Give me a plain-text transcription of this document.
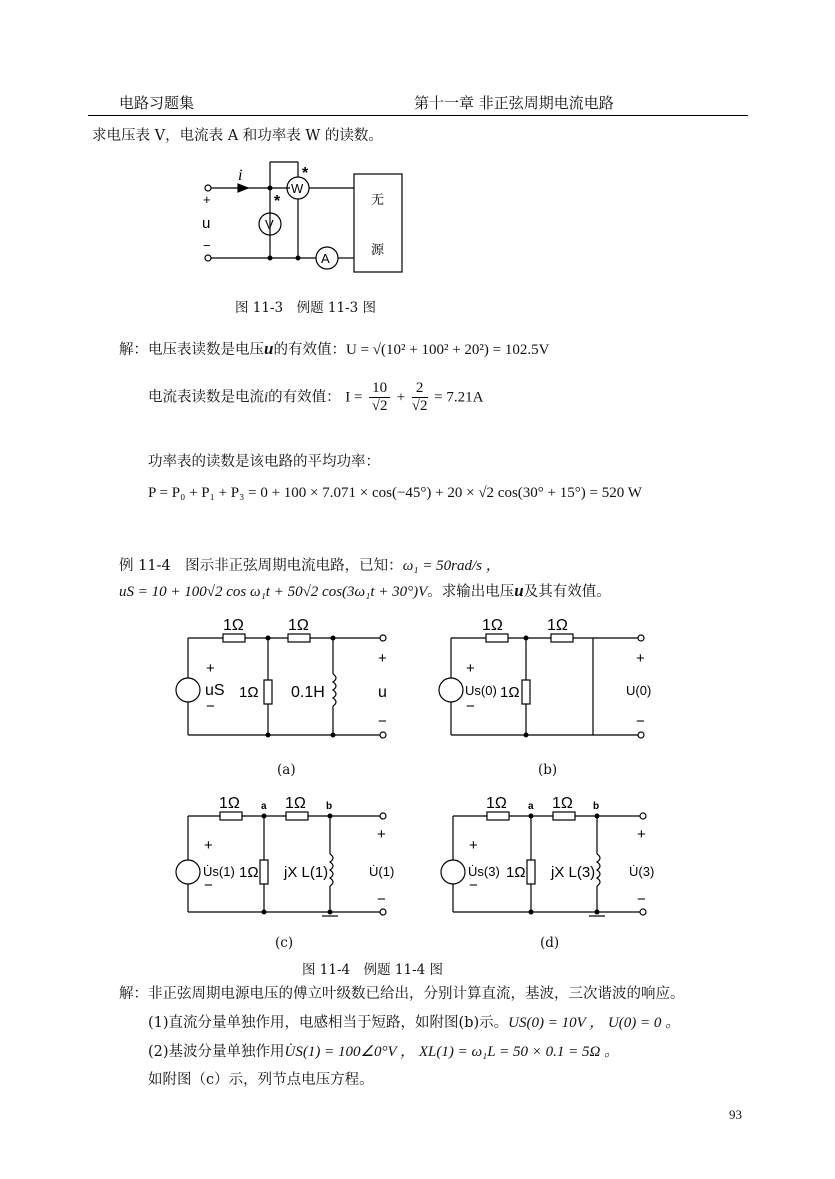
电路习题集	第十一章 非正弦周期电流电路
求电压表 V，电流表 A 和功率表 W 的读数。
i
+
u
−
V
W
A
*
*
无
源
图 11-3　例题 11-3 图
解：电压表读数是电压u的有效值：U = √(10² + 100² + 20²) = 102.5V
电流表读数是电流i的有效值： $I = \frac{10}{√2} + \frac{2}{√2} = 7.21A$
功率表的读数是该电路的平均功率：
P = P₀ + P₁ + P₃ = 0 + 100 × 7.071 × cos(−45°) + 20 × √2 cos(30° + 15°) = 520 W
例 11-4　图示非正弦周期电流电路，已知：ω₁ = 50rad/s ，
uS = 10 + 100√2 cos ω₁t + 50√2 cos(3ω₁t + 30°)V。求输出电压u及其有效值。
1Ω	1Ω
+
uS
−
1Ω 0.1H
+
u
−
(a)
1Ω	1Ω
+
Us(0)
−
1Ω
+
U(0)
−
(b)
1Ω	1Ω
a	b
+
U̇s(1)
−
1Ω jX L(1)
+
U̇(1)
−
(c)
1Ω	1Ω
a	b
+
U̇s(3)
−
1Ω jX L(3)
+
U̇(3)
−
(d)
图 11-4　例题 11-4 图
解：非正弦周期电源电压的傅立叶级数已给出，分别计算直流，基波，三次谐波的响应。
(1)直流分量单独作用，电感相当于短路，如附图(b)示。US(0) = 10V ， U(0) = 0 。
(2)基波分量单独作用U̇S(1) = 100∠0°V ， XL(1) = ω₁L = 50 × 0.1 = 5Ω 。
如附图（c）示，列节点电压方程。
93
